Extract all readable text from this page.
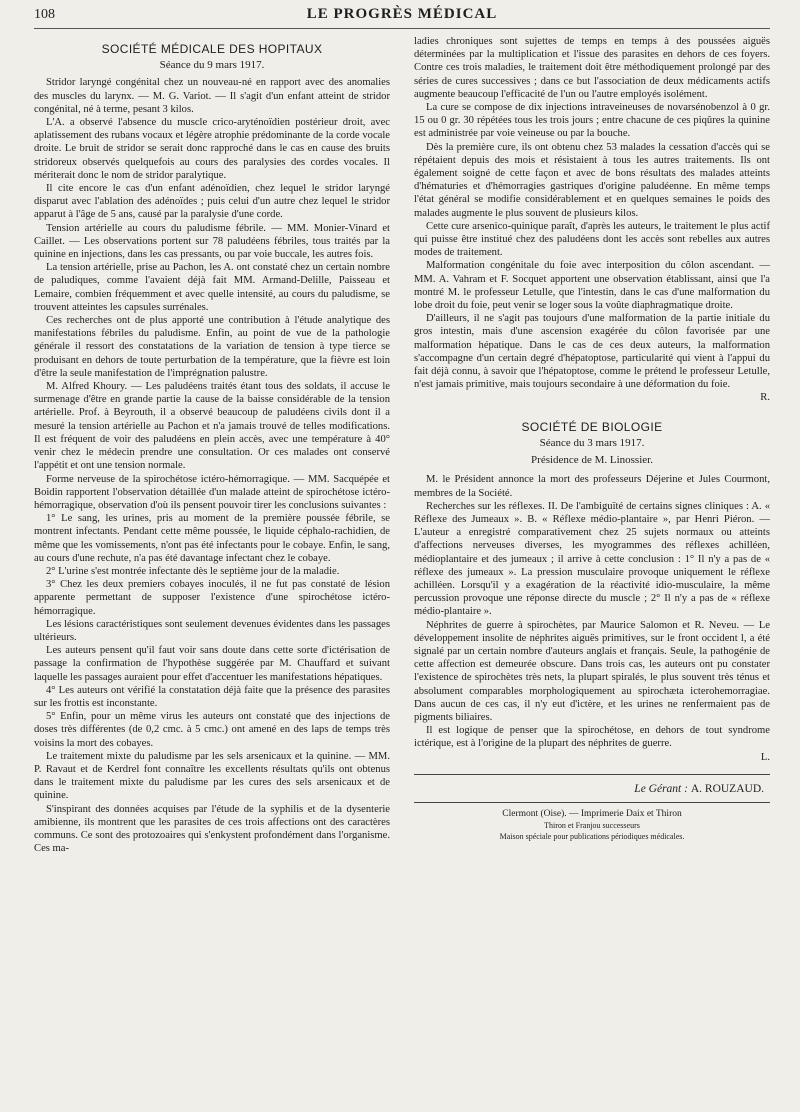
108	LE PROGRÈS MÉDICAL
SOCIÉTÉ MÉDICALE DES HOPITAUX
Séance du 9 mars 1917.

Stridor laryngé congénital chez un nouveau-né en rapport avec des anomalies des muscles du larynx. — M. G. Variot. — Il s'agit d'un enfant atteint de stridor congénital, né à terme, pesant 3 kilos.

L'A. a observé l'absence du muscle crico-aryténoïdien postérieur droit, avec aplatissement des rubans vocaux et légère atrophie prédominante de la corde vocale droite. Le bruit de stridor se serait donc rapproché dans le cas en cause des bruits stridoreux observés quelquefois au cours des paralysies des cordes vocales. Il mériterait donc le nom de stridor paralytique.

Il cite encore le cas d'un enfant adénoïdien, chez lequel le stridor laryngé disparut avec l'ablation des adénoïdes ; puis celui d'un autre chez lequel le stridor apparut à l'âge de 5 ans, causé par la paralysie d'une corde.

Tension artérielle au cours du paludisme fébrile. — MM. Monier-Vinard et Caillet. — Les observations portent sur 78 paludéens fébriles, tous traités par la quinine en injections, dans les cas pressants, ou par voie buccale, les autres fois.

La tension artérielle, prise au Pachon, les A. ont constaté chez un certain nombre de paludiques, comme l'avaient déjà fait MM. Armand-Delille, Paisseau et Lemaire, combien fréquemment et avec quelle intensité, au cours du paludisme, se trouvent atteintes les capsules surrénales.

Ces recherches ont de plus apporté une contribution à l'étude analytique des manifestations fébriles du paludisme. Enfin, au point de vue de la pathologie générale il ressort des constatations de la variation de tension à type tierce se produisant en dehors de toute perturbation de la température, que la fièvre est loin d'être la seule manifestation de l'imprégnation palustre.

M. Alfred Khoury. — Les paludéens traités étant tous des soldats, il accuse le surmenage d'être en grande partie la cause de la baisse considérable de la tension artérielle. Prof. à Beyrouth, il a observé beaucoup de paludéens civils dont il a mesuré la tension artérielle au Pachon et n'a jamais trouvé de telles modifications. Il est fréquent de voir des paludéens en plein accès, avec une température à 40° venir chez le médecin prendre une consultation. Or ces malades ont conservé l'appétit et ont une tension normale.

Forme nerveuse de la spirochétose ictéro-hémorragique. — MM. Sacquépée et Boidin rapportent l'observation détaillée d'un malade atteint de spirochétose ictéro-hémorragique, observation d'où ils pensent pouvoir tirer les conclusions suivantes :

1° Le sang, les urines, pris au moment de la première poussée fébrile, se montrent infectants. Pendant cette même poussée, le liquide céphalo-rachidien, de même que les vomissements, n'ont pas été infectants pour le cobaye. Enfin, le sang, au cours d'une rechute, n'a pas été davantage infectant chez le cobaye.

2° L'urine s'est montrée infectante dès le septième jour de la maladie.

3° Chez les deux premiers cobayes inoculés, il ne fut pas constaté de lésion apparente permettant de supposer l'existence d'une spirochétose ictéro-hémorragique.

Les lésions caractéristiques sont seulement devenues évidentes dans les passages ultérieurs.

Les auteurs pensent qu'il faut voir sans doute dans cette sorte d'ictérisation de passage la confirmation de l'hypothèse suggérée par M. Chauffard et suivant laquelle les passages auraient pour effet d'accentuer les manifestations hépatiques.

4° Les auteurs ont vérifié la constatation déjà faite que la présence des parasites sur les frottis est inconstante.

5° Enfin, pour un même virus les auteurs ont constaté que des injections de doses très différentes (de 0,2 cmc. à 5 cmc.) ont amené en des laps de temps très voisins la mort des cobayes.

Le traitement mixte du paludisme par les sels arsenicaux et la quinine. — MM. P. Ravaut et de Kerdrel font connaître les excellents résultats qu'ils ont obtenus dans le traitement mixte du paludisme par les cures des sels arsenicaux et de quinine.

S'inspirant des données acquises par l'étude de la syphilis et de la dysenterie amibienne, ils montrent que les parasites de ces trois affections ont des caractères communs. Ce sont des protozoaires qui s'enkystent profondément dans l'organisme. Ces ma-

ladies chroniques sont sujettes de temps en temps à des poussées aiguës déterminées par la multiplication et l'issue des parasites en dehors de ces foyers. Contre ces trois maladies, le traitement doit être méthodiquement prolongé par des séries de cures successives ; dans ce but l'association de deux médicaments actifs augmente beaucoup l'efficacité de l'un ou l'autre employés isolément.

La cure se compose de dix injections intraveineuses de novarsénobenzol à 0 gr. 15 ou 0 gr. 30 répétées tous les trois jours ; entre chacune de ces piqûres la quinine est administrée par voie veineuse ou par la bouche.

Dès la première cure, ils ont obtenu chez 53 malades la cessation d'accès qui se répétaient depuis des mois et résistaient à tous les autres traitements. Ils ont également soigné de cette façon et avec de bons résultats des malades atteints d'hématuries et d'hémorragies gastriques d'origine paludéenne. En même temps l'état général se modifie considérablement et en quelques semaines le poids des malades augmente le plus souvent de plusieurs kilos.

Cette cure arsenico-quinique paraît, d'après les auteurs, le traitement le plus actif qui puisse être institué chez des paludéens dont les accès sont rebelles aux autres modes de traitement.

Malformation congénitale du foie avec interposition du côlon ascendant. — MM. A. Vahram et F. Socquet apportent une observation établissant, ainsi que l'a montré M. le professeur Letulle, que l'intestin, dans le cas d'une malformation du lobe droit du foie, peut venir se loger sous la voûte diaphragmatique droite.

D'ailleurs, il ne s'agit pas toujours d'une malformation de la partie initiale du gros intestin, mais d'une ascension exagérée du côlon favorisée par une malformation hépatique. Dans le cas de ces deux auteurs, la malformation s'accompagne d'un certain degré d'hépatoptose, particularité qui vient à l'appui du fait déjà connu, à savoir que l'hépatoptose, comme le prétend le professeur Letulle, n'est jamais primitive, mais toujours secondaire à une déformation du foie.

R.
SOCIÉTÉ DE BIOLOGIE
Séance du 3 mars 1917.
Présidence de M. Linossier.

M. le Président annonce la mort des professeurs Déjerine et Jules Courmont, membres de la Société.

Recherches sur les réflexes. II. De l'ambiguïté de certains signes cliniques : A. « Réflexe des Jumeaux ». B. « Réflexe médio-plantaire », par Henri Piéron. — L'auteur a enregistré comparativement chez 25 sujets normaux ou atteints d'affections nerveuses diverses, les myogrammes des réflexes achilléen, médioplantaire et des jumeaux ; il arrive à cette conclusion : 1° Il n'y a pas de « réflexe des jumeaux ». La pression musculaire provoque uniquement le réflexe achilléen. Lorsqu'il y a exagération de la réactivité idio-musculaire, la même percussion provoque une réponse directe du muscle ; 2° Il n'y a pas de « réflexe médio-plantaire ».

Néphrites de guerre à spirochètes, par Maurice Salomon et R. Neveu. — Le développement insolite de néphrites aiguës primitives, sur le front occident l, a été signalé par un certain nombre d'auteurs anglais et français. Seule, la pathogénie de cette affection est demeurée obscure. Dans trois cas, les auteurs ont pu constater l'existence de spirochètes très nets, la plupart spiralés, le plus souvent très ténus et absolument comparables morphologiquement au spirochæta icterohemorragiae. Dans aucun de ces cas, il n'y eut d'ictère, et les urines ne renfermaient pas de pigments biliaires.

Il est logique de penser que la spirochétose, en dehors de tout syndrome ictérique, est à l'origine de la plupart des néphrites de guerre.

L.
Le Gérant : A. ROUZAUD.
Clermont (Oise). — Imprimerie Daix et Thiron
Thiron et Franjou successeurs
Maison spéciale pour publications périodiques médicales.
